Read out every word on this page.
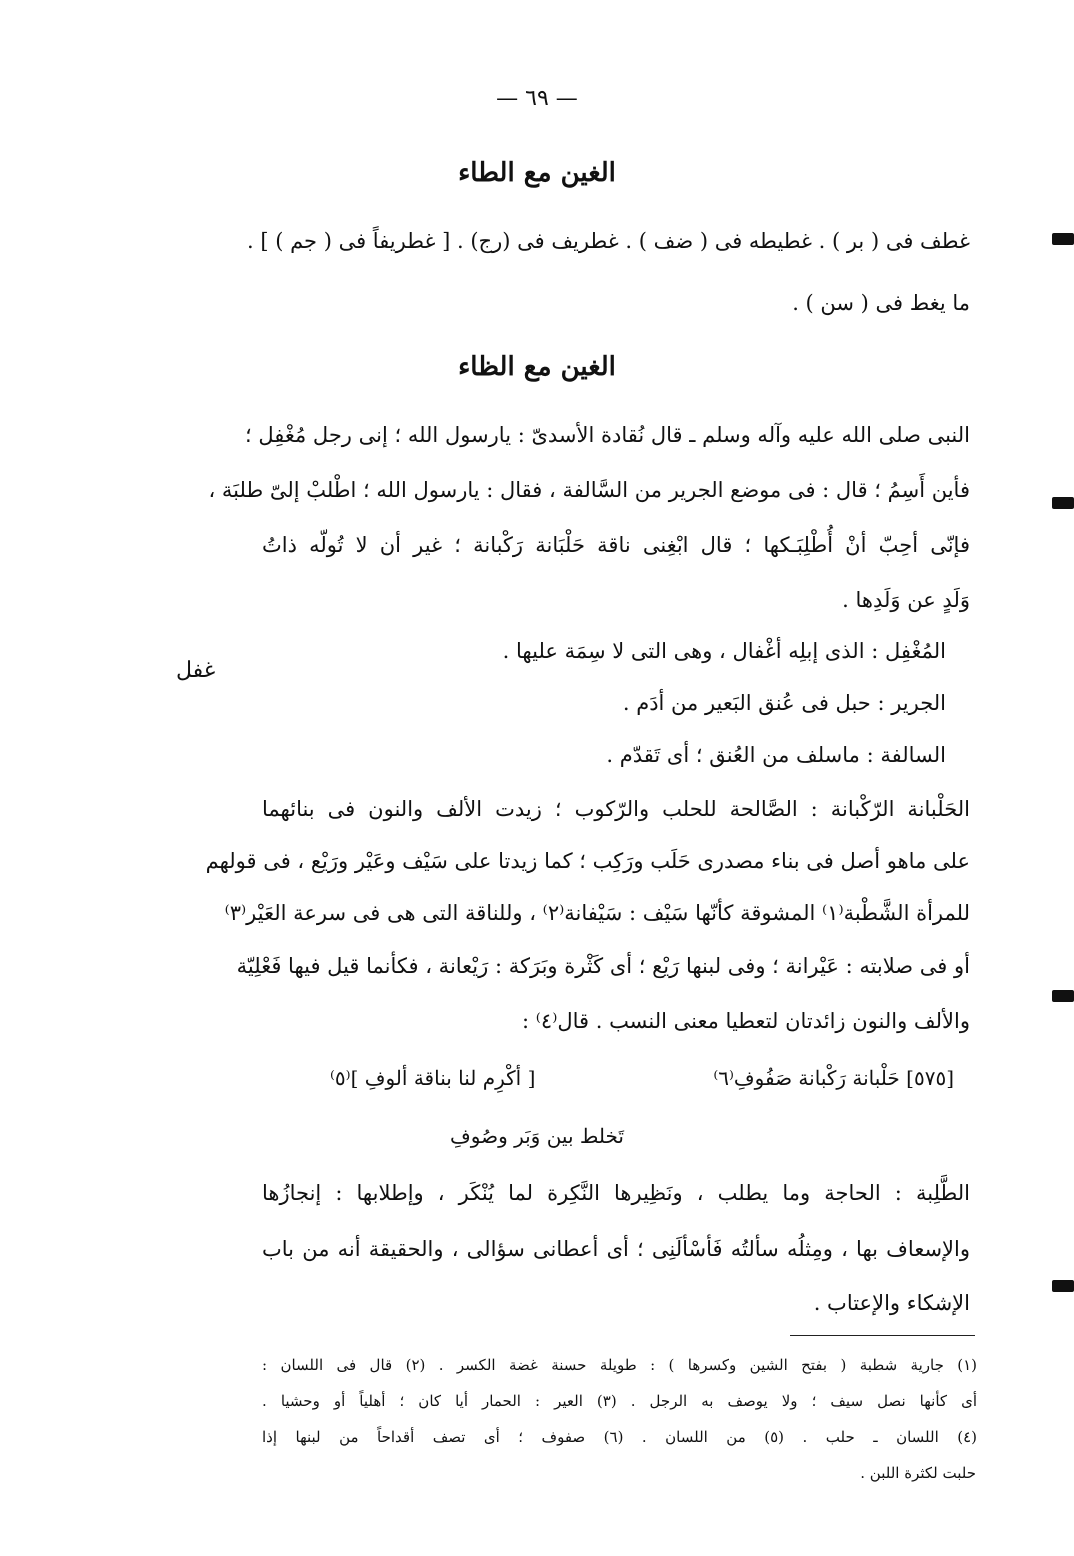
— ٦٩ —
الغين مع الطاء
غطف فى ( بر ) . غطيطه فى ( ضف ) . غطريف فى (رج) . [ غطريفاً فى ( جم ) ] .
ما يغط فى ( سن ) .
الغين مع الظاء
النبى صلى الله عليه وآله وسلم ـ قال نُقادة الأسدىّ : يارسول الله ؛ إنى رجل مُغْفِل ؛
فأين أَسِمُ ؛ قال : فى موضع الجرير من السَّالفة ، فقال : يارسول الله ؛ اطْلبْ إلىّ طلبَة ،
فإنّى أحِبّ أنْ أُطْلِبَـكها ؛ قال ابْغِنى ناقة حَلْبَانة رَكْبانة ؛ غير أن لا تُولّه ذاتُ
وَلَدٍ عن وَلَدِها .
المُغْفِل : الذى إبلِه أغْفال ، وهى التى لا سِمَة عليها .
الجرير : حبل فى عُنق البَعير من أدَم .
السالفة : ماسلف من العُنق ؛ أى تَقدّم .
الحَلْبانة الرّكْبانة : الصَّالحة للحلب والرّكوب ؛ زيدت الألف والنون فى بنائهما
على ماهو أصل فى بناء مصدرى حَلَب ورَكِب ؛ كما زيدتا على سَيْف وعَيْر ورَيْع ، فى قولهم
للمرأة الشَّطْبة⁽١⁾ المشوقة كأنّها سَيْف : سَيْفانة⁽٢⁾ ، وللناقة التى هى فى سرعة العَيْر⁽٣⁾
أو فى صلابته : عَيْرانة ؛ وفى لبنها رَيْع ؛ أى كَثْرة وبَرَكة : رَيْعانة ، فكأنما قيل فيها فَعْلِيّة
والألف والنون زائدتان لتعطيا معنى النسب . قال⁽٤⁾ :
[٥٧٥] حَلْبانة رَكْبانة صَفُوفِ⁽٦⁾
[ أكْرِم لنا بناقة ألوفِ ]⁽٥⁾
تَخلط بين وَبَر وصُوفِ
الطَّلِبة : الحاجة وما يطلب ، ونَظِيرها النَّكِرة لما يُنْكَر ، وإطلابها : إنجازُها
والإسعاف بها ، ومِثلُه سألتُه فَأسْألَنِى ؛ أى أعطانى سؤالى ، والحقيقة أنه من باب
الإشكاء والإعتاب .
غفل
(١) جارية شطبة ( بفتح الشين وكسرها ) : طويلة حسنة غضة الكسر . (٢) قال فى اللسان :
أى كأنها نصل سيف ؛ ولا يوصف به الرجل . (٣) العير : الحمار أيا كان ؛ أهلياً أو وحشيا .
(٤) اللسان ـ حلب . (٥) من اللسان . (٦) صفوف ؛ أى تصف أقداحاً من لبنها إذا
حلبت لكثرة اللبن .
